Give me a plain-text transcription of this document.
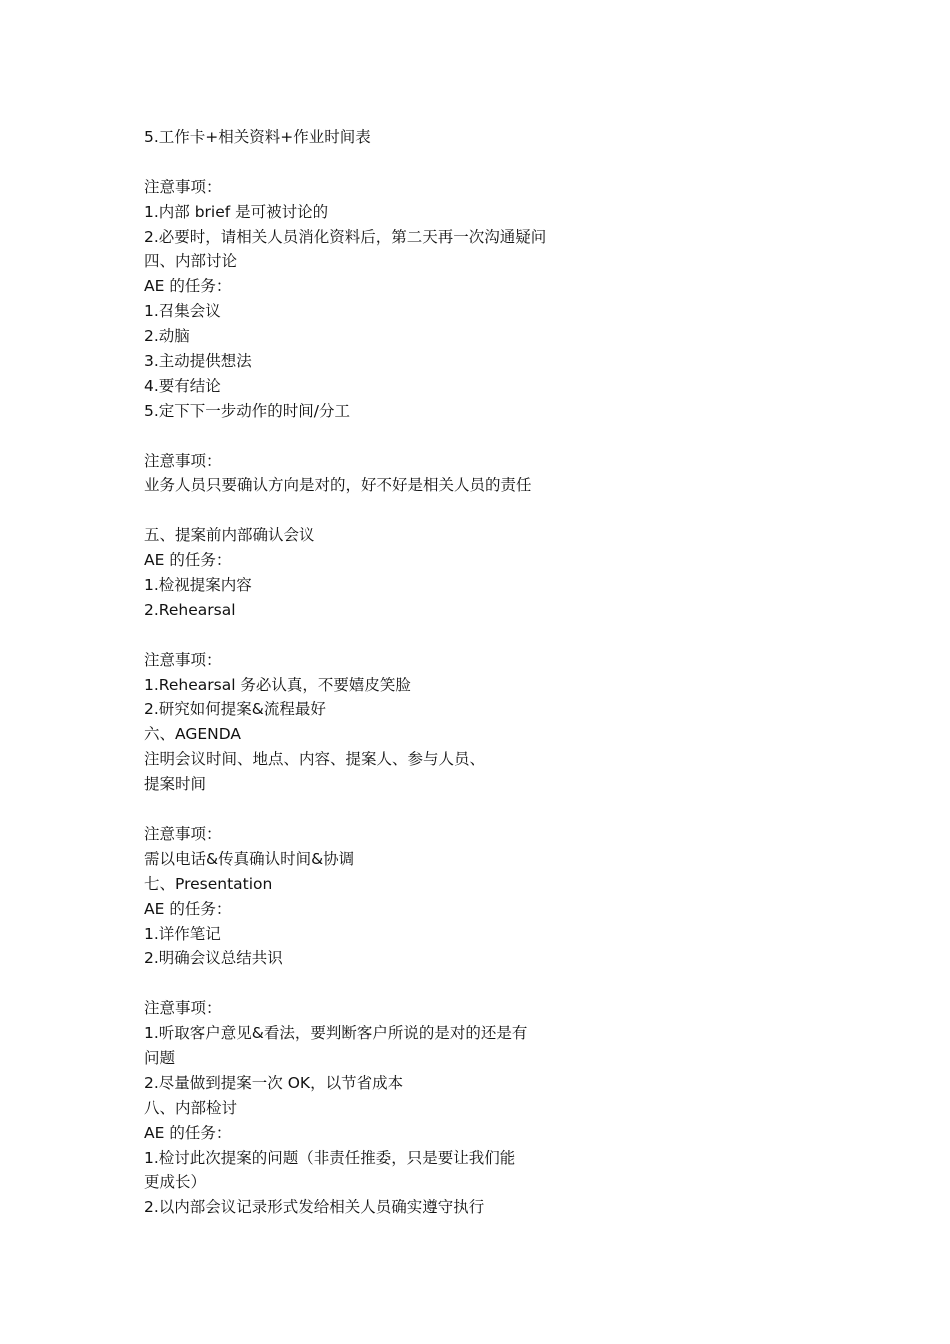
5.工作卡+相关资料+作业时间表
注意事项：
1.内部 brief 是可被讨论的
2.必要时，请相关人员消化资料后，第二天再一次沟通疑问
四、内部讨论
AE 的任务：
1.召集会议
2.动脑
3.主动提供想法
4.要有结论
5.定下下一步动作的时间/分工
注意事项：
业务人员只要确认方向是对的，好不好是相关人员的责任
五、提案前内部确认会议
AE 的任务：
1.检视提案内容
2.Rehearsal
注意事项：
1.Rehearsal 务必认真，不要嬉皮笑脸
2.研究如何提案&流程最好
六、AGENDA
注明会议时间、地点、内容、提案人、参与人员、
提案时间
注意事项：
需以电话&传真确认时间&协调
七、Presentation
AE 的任务：
1.详作笔记
2.明确会议总结共识
注意事项：
1.听取客户意见&看法，要判断客户所说的是对的还是有
问题
2.尽量做到提案一次 OK，以节省成本
八、内部检讨
AE 的任务：
1.检讨此次提案的问题（非责任推委，只是要让我们能
更成长）
2.以内部会议记录形式发给相关人员确实遵守执行
